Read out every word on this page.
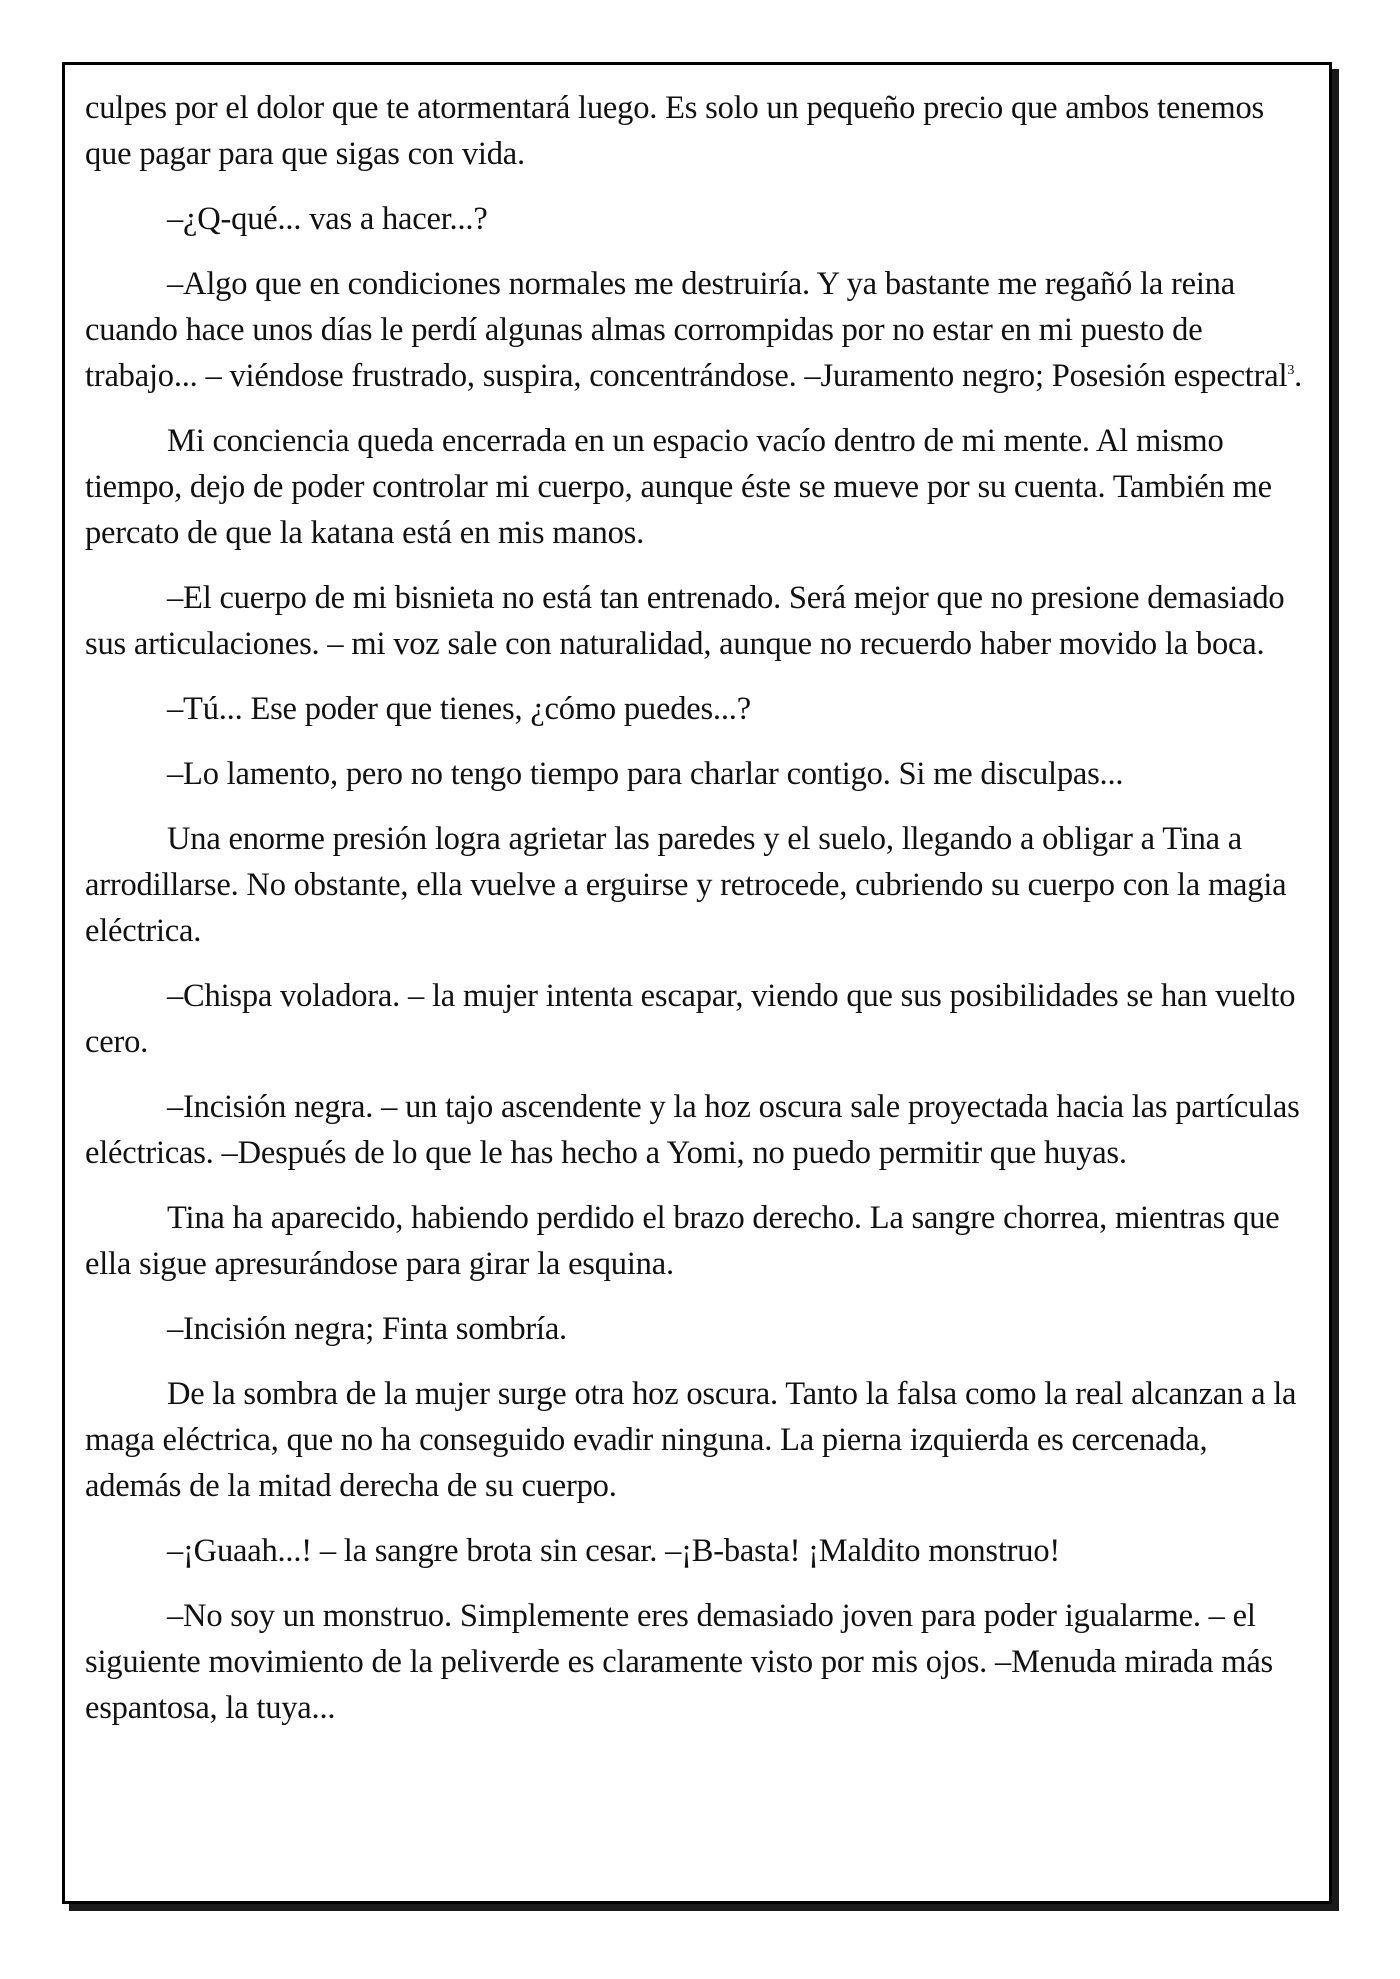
culpes por el dolor que te atormentará luego. Es solo un pequeño precio que ambos tenemos que pagar para que sigas con vida.

–¿Q-qué... vas a hacer...?

–Algo que en condiciones normales me destruiría. Y ya bastante me regañó la reina cuando hace unos días le perdí algunas almas corrompidas por no estar en mi puesto de trabajo... – viéndose frustrado, suspira, concentrándose. –Juramento negro; Posesión espectral$^3$.

Mi conciencia queda encerrada en un espacio vacío dentro de mi mente. Al mismo tiempo, dejo de poder controlar mi cuerpo, aunque éste se mueve por su cuenta. También me percato de que la katana está en mis manos.

–El cuerpo de mi bisnieta no está tan entrenado. Será mejor que no presione demasiado sus articulaciones. – mi voz sale con naturalidad, aunque no recuerdo haber movido la boca.

–Tú... Ese poder que tienes, ¿cómo puedes...?

–Lo lamento, pero no tengo tiempo para charlar contigo. Si me disculpas...

Una enorme presión logra agrietar las paredes y el suelo, llegando a obligar a Tina a arrodillarse. No obstante, ella vuelve a erguirse y retrocede, cubriendo su cuerpo con la magia eléctrica.

–Chispa voladora. – la mujer intenta escapar, viendo que sus posibilidades se han vuelto cero.

–Incisión negra. – un tajo ascendente y la hoz oscura sale proyectada hacia las partículas eléctricas. –Después de lo que le has hecho a Yomi, no puedo permitir que huyas.

Tina ha aparecido, habiendo perdido el brazo derecho. La sangre chorrea, mientras que ella sigue apresurándose para girar la esquina.

–Incisión negra; Finta sombría.

De la sombra de la mujer surge otra hoz oscura. Tanto la falsa como la real alcanzan a la maga eléctrica, que no ha conseguido evadir ninguna. La pierna izquierda es cercenada, además de la mitad derecha de su cuerpo.

–¡Guaah...! – la sangre brota sin cesar. –¡B-basta! ¡Maldito monstruo!

–No soy un monstruo. Simplemente eres demasiado joven para poder igualarme. – el siguiente movimiento de la peliverde es claramente visto por mis ojos. –Menuda mirada más espantosa, la tuya...
